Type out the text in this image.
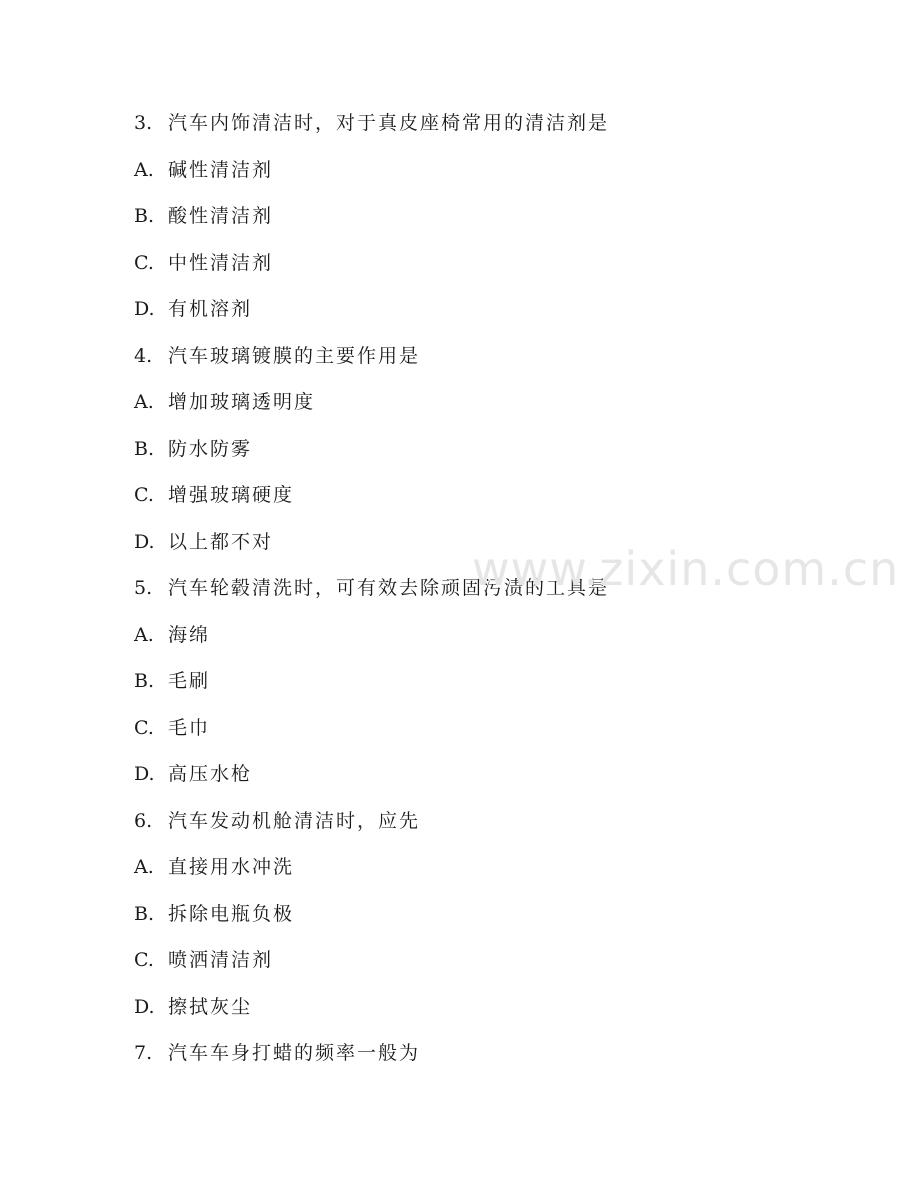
3. 汽车内饰清洁时，对于真皮座椅常用的清洁剂是
A. 碱性清洁剂
B. 酸性清洁剂
C. 中性清洁剂
D. 有机溶剂
4. 汽车玻璃镀膜的主要作用是
A. 增加玻璃透明度
B. 防水防雾
C. 增强玻璃硬度
D. 以上都不对
5. 汽车轮毂清洗时，可有效去除顽固污渍的工具是
A. 海绵
B. 毛刷
C. 毛巾
D. 高压水枪
6. 汽车发动机舱清洁时，应先
A. 直接用水冲洗
B. 拆除电瓶负极
C. 喷洒清洁剂
D. 擦拭灰尘
7. 汽车车身打蜡的频率一般为
www.zixin.com.cn
